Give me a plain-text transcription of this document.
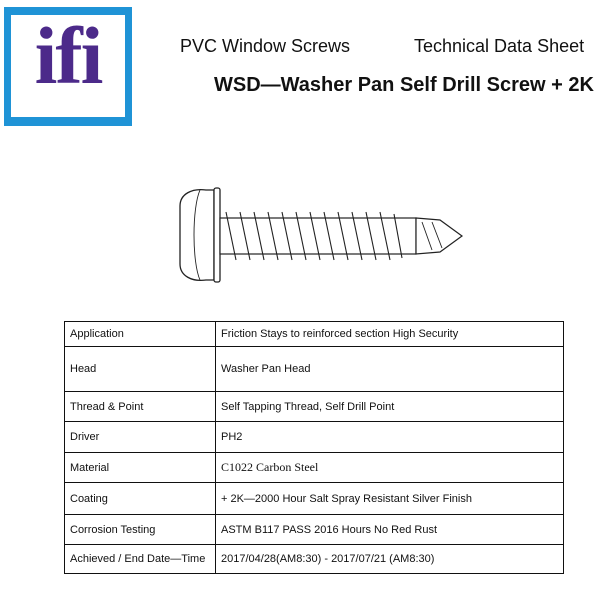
ifi	PVC Window Screws	Technical Data Sheet
WSD—Washer Pan Self Drill Screw + 2K
Application	Friction Stays to reinforced section High Security
Head	Washer Pan Head
Thread & Point	Self Tapping Thread, Self Drill Point
Driver	PH2
Material	C1022 Carbon Steel
Coating	+ 2K—2000 Hour Salt Spray Resistant Silver Finish
Corrosion Testing	ASTM B117 PASS 2016 Hours No Red Rust
Achieved / End Date—Time	2017/04/28(AM8:30) - 2017/07/21 (AM8:30)
